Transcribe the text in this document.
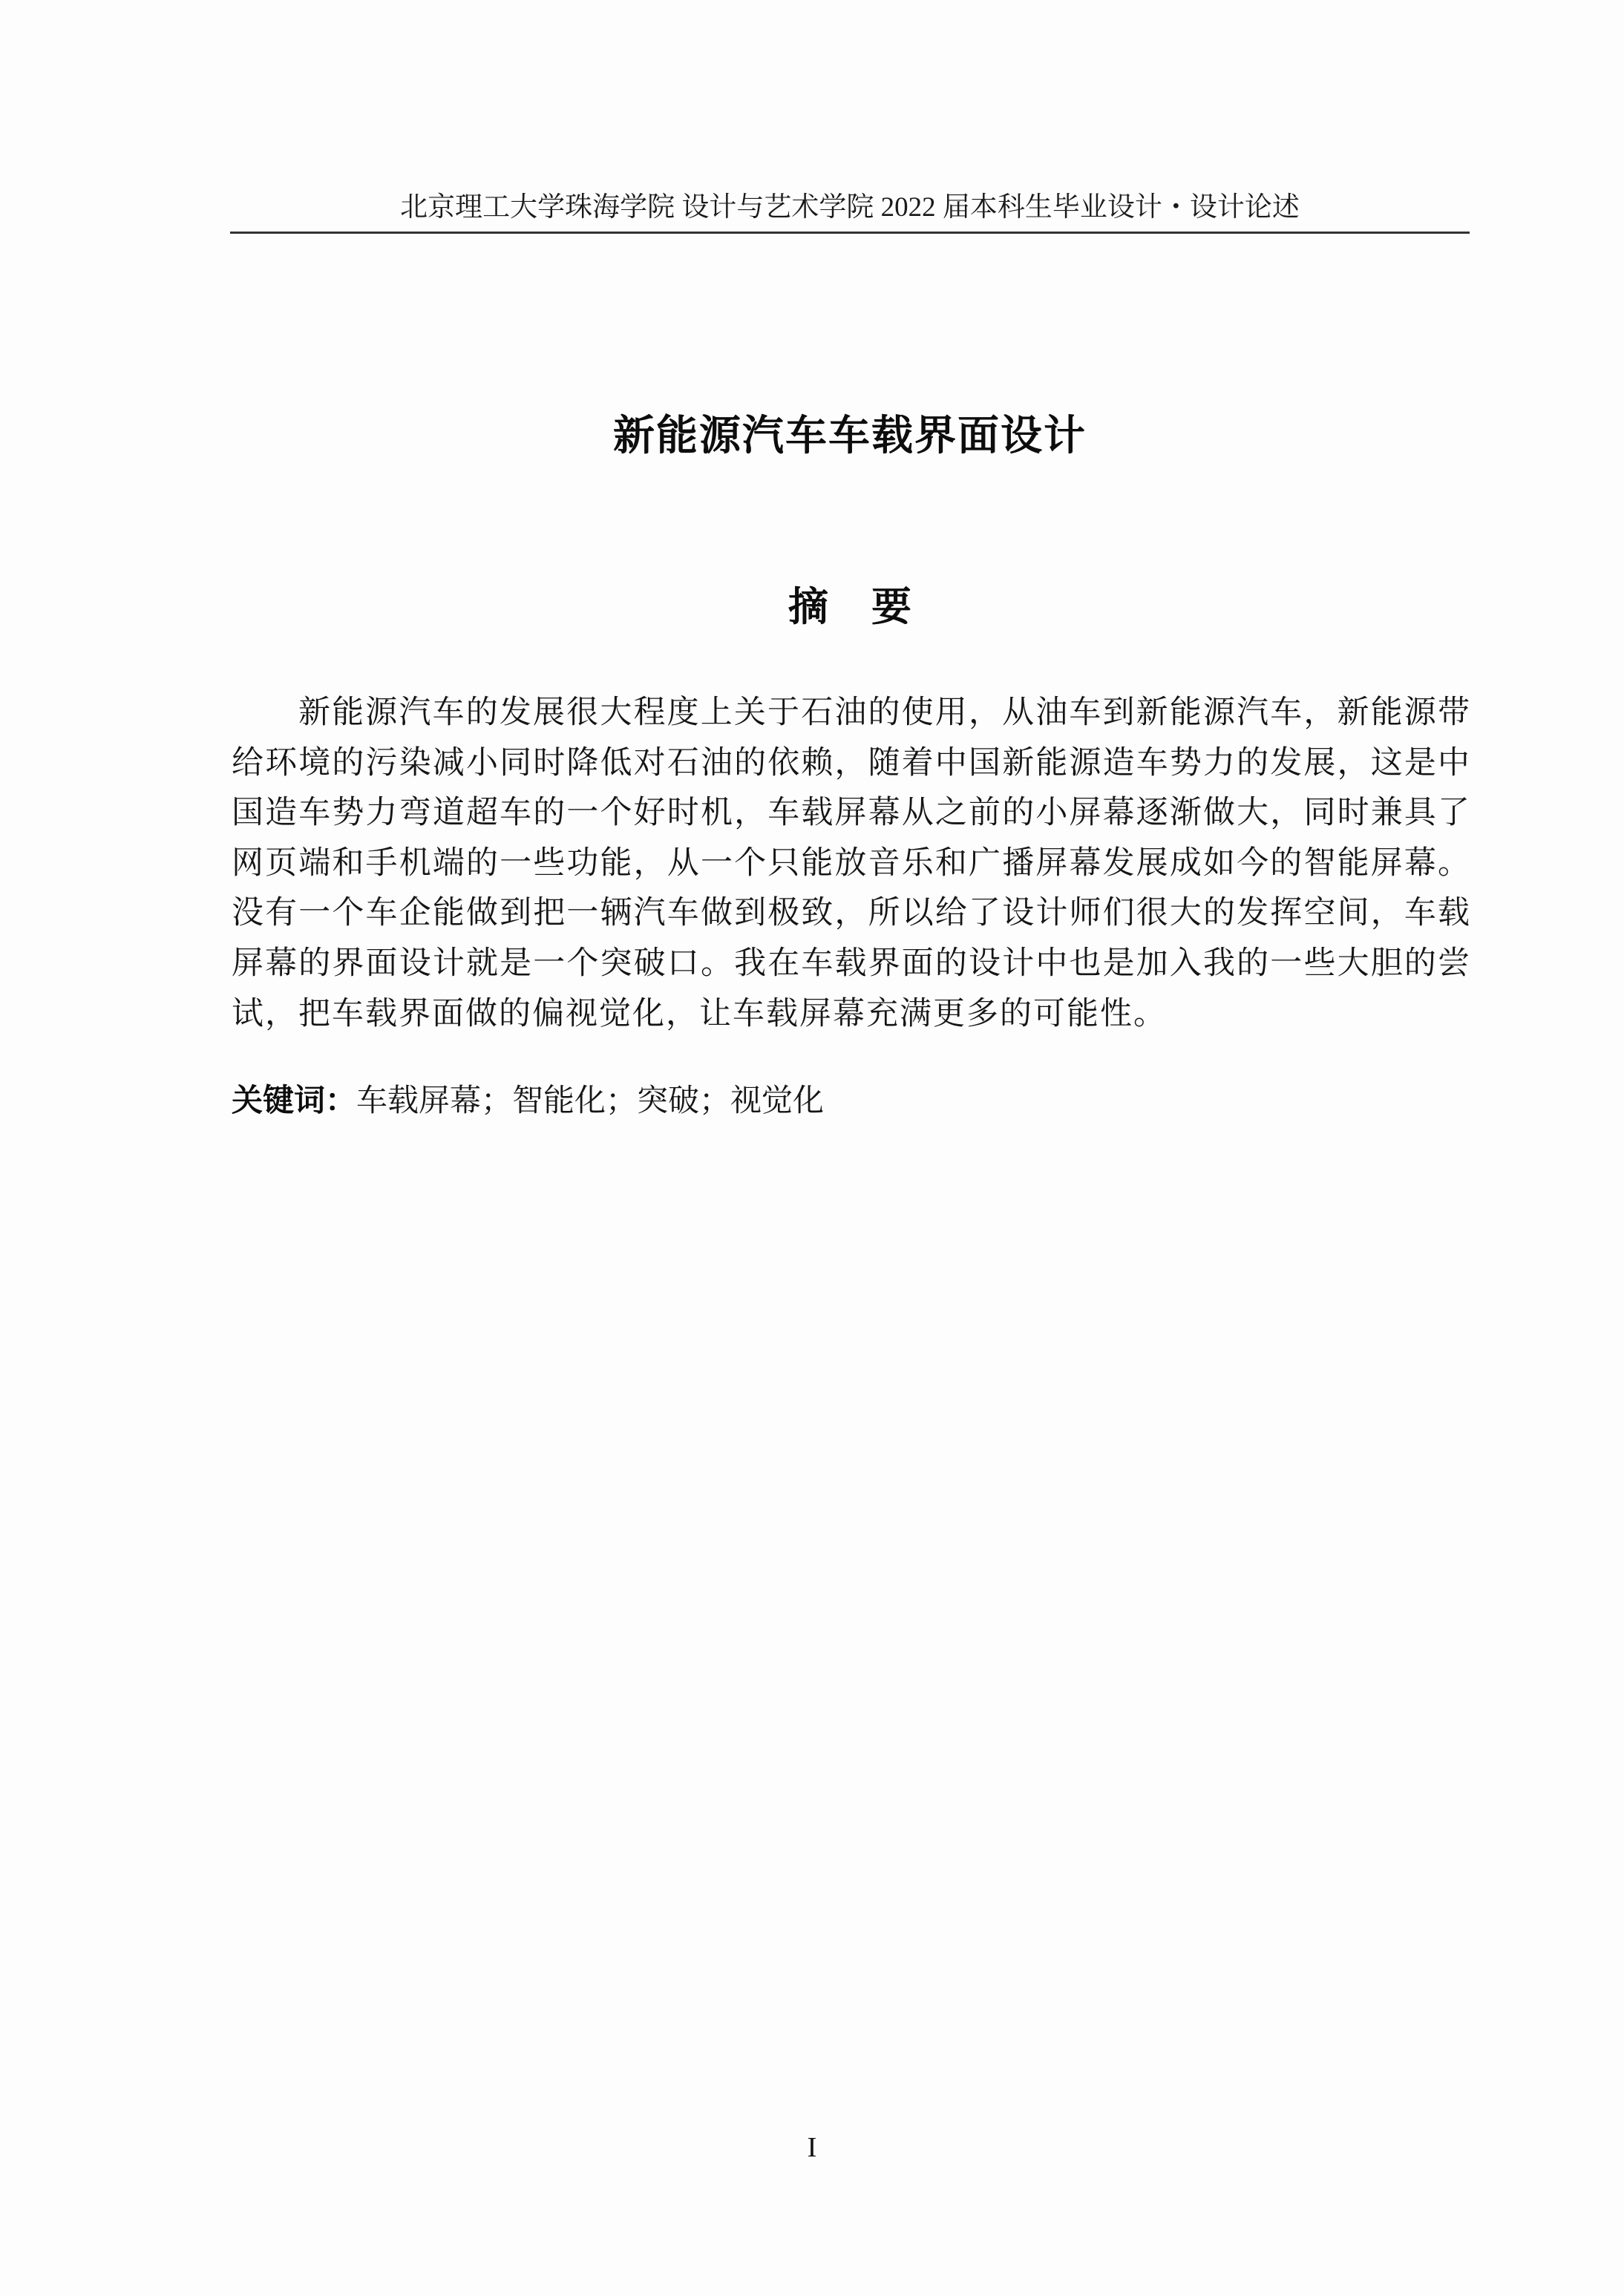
北京理工大学珠海学院 设计与艺术学院 2022 届本科生毕业设计・设计论述
新能源汽车车载界面设计
摘 要

新能源汽车的发展很大程度上关于石油的使用，从油车到新能源汽车，新能源带给环境的污染减小同时降低对石油的依赖，随着中国新能源造车势力的发展，这是中国造车势力弯道超车的一个好时机，车载屏幕从之前的小屏幕逐渐做大，同时兼具了网页端和手机端的一些功能，从一个只能放音乐和广播屏幕发展成如今的智能屏幕。没有一个车企能做到把一辆汽车做到极致，所以给了设计师们很大的发挥空间，车载屏幕的界面设计就是一个突破口。我在车载界面的设计中也是加入我的一些大胆的尝试，把车载界面做的偏视觉化，让车载屏幕充满更多的可能性。

关键词：车载屏幕；智能化；突破；视觉化
I
